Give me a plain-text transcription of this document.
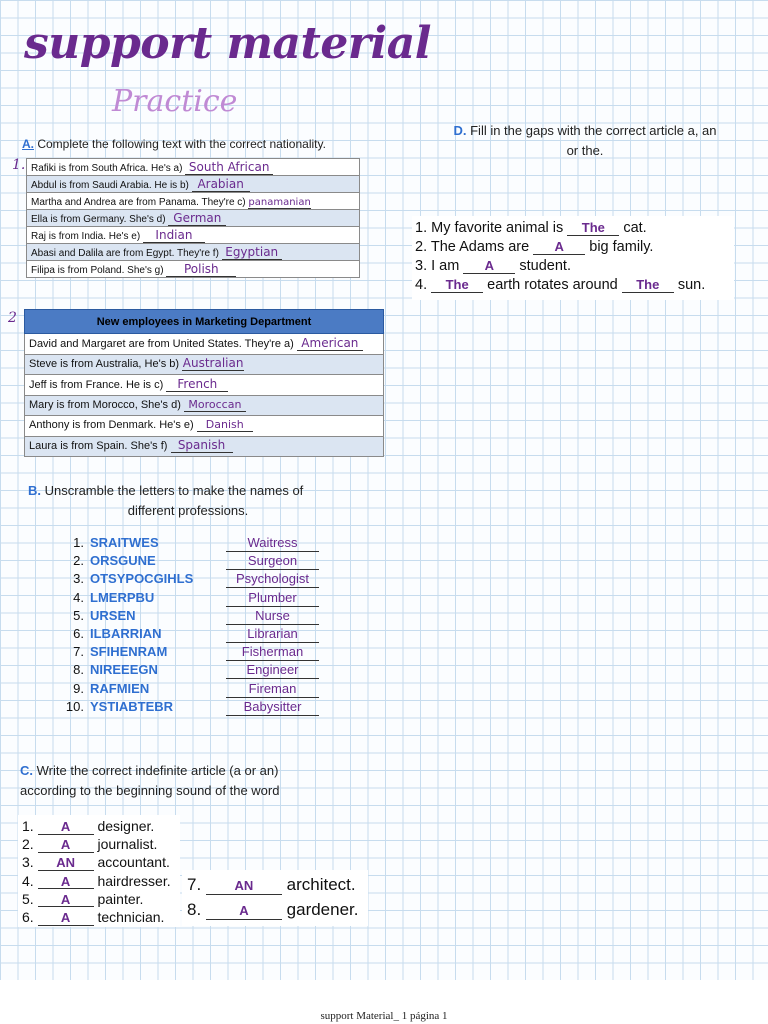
support material
Practice
A. Complete the following text with the correct nationality.
1. Rafiki is from South Africa. He's a) South African
Abdul is from Saudi Arabia. He is b) Arabian
Martha and Andrea are from Panama. They're c) panamanian
Ella is from Germany. She's d) German
Raj is from India. He's e) Indian
Abasi and Dalila are from Egypt. They're f) Egyptian
Filipa is from Poland. She's g) Polish
2	New employees in Marketing Department
David and Margaret are from United States. They're a) American
Steve is from Australia, He's b) Australian
Jeff is from France. He is c) French
Mary is from Morocco, She's d) Moroccan
Anthony is from Denmark. He's e) Danish
Laura is from Spain. She's f) Spanish
B. Unscramble the letters to make the names of

different professions.
1. SRAITWES	Waitress
2. ORSGUNE	Surgeon
3. OTSYPOCGIHLS	Psychologist
4. LMERPBU	Plumber
5. URSEN	Nurse
6. ILBARRIAN	Librarian
7. SFIHENRAM	Fisherman
8. NIREEEGN	Engineer
9. RAFMIEN	Fireman
10. YSTIABTEBR	Babysitter
C. Write the correct indefinite article (a or an)
according to the beginning sound of the word
1. A designer.
2. A journalist.
3. AN accountant.
4. A hairdresser.
5. A painter.
6. A technician.
7.	AN architect.
8.	A gardener.
D. Fill in the gaps with the correct article a, an
or the.
1. My favorite animal is The cat.
2. The Adams are A big family.
3. I am A student.
4. The earth rotates around The sun.
support Material_ 1 página 1
